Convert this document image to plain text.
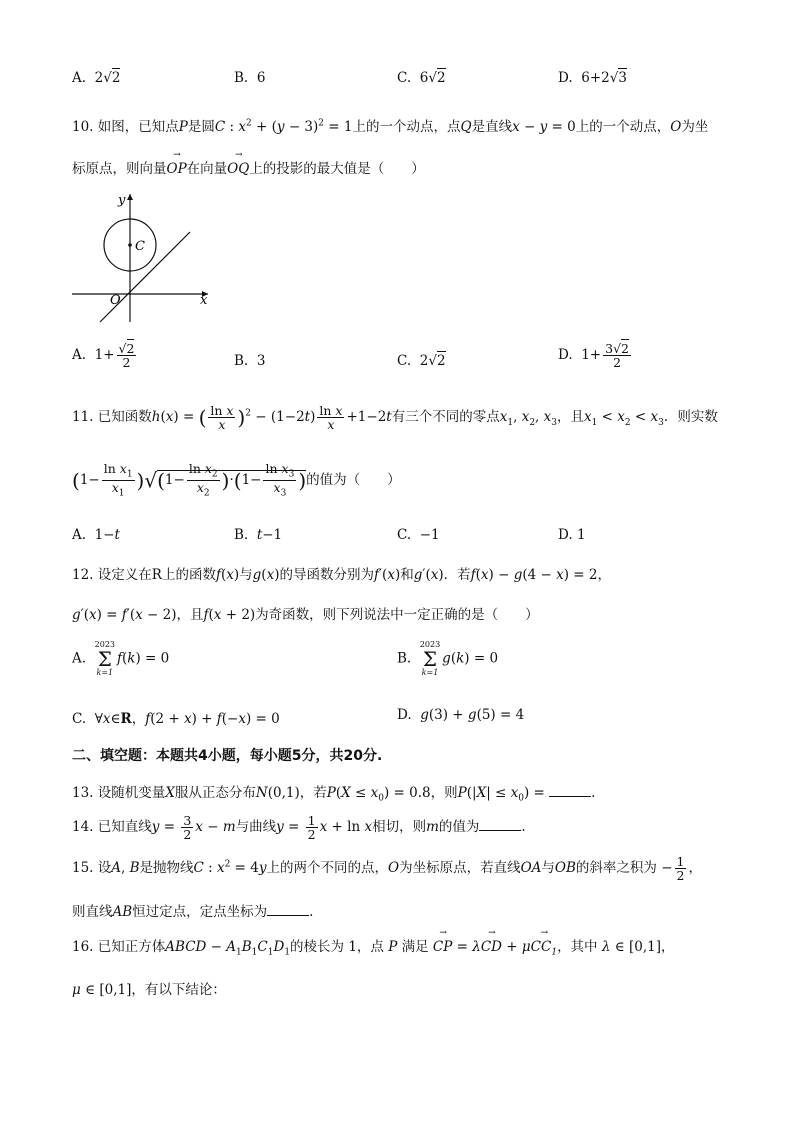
A. 2√2	B. 6	C. 6√2	D. 6+2√3
10. 如图，已知点P是圆C : $x^2 + (y - 3)^2 = 1$上的一个动点，点Q是直线x − y = 0上的一个动点，O为坐
标原点，则向量→ OP在向量→ OQ上的投影的最大值是（　　）
y
x
C
O
A.  $1+ \frac{√2}{2}$	B. 3	C. 2√2	D.  $1+ \frac{3√2}{2}$
11. 已知函数h(x) = ( $\frac{\text{ln x}}{x} )^2 - (1-2t) \frac{\text{ln x}}{x} +1-2t$有三个不同的零点$x_1$, $x_2$, $x_3$，且$x_1 < x_2 < x_3$．则实数
$(1- \frac{\ln x_1}{x_1} )√(1- \frac{\ln x_2}{x_2} )\cdot(1- \frac{\ln x_3}{x_3}$ )的值为（　　）
A.  1−t	B. t−1	C. −1	D. 1
12. 设定义在R上的函数f(x)与g(x)的导函数分别为f′(x)和g′(x)．若f(x) − g(4 − x) = 2，
g′(x) = f′(x − 2)，且f(x + 2)为奇函数，则下列说法中一定正确的是（　　）
A.
2023
Σ
k=1
f(k) = 0	B.
2023
Σ
k=1
g(k) = 0
C.  ∀x∈R，f(2 + x) + f(−x) = 0	D. g(3) + g(5) = 4
二、填空题：本题共4小题，每小题5分，共20分.
13. 设随机变量X服从正态分布N(0,1)，若$P(X \le x_0) = 0.8$，则$P(|X| \le x_0)$ =	.
14. 已知直线$y = \frac{3}{2}$ x − m与曲线$y = \frac{1}{2}$ x + ln x相切，则m的值为	.
15. 设A, B是抛物线C : $x^2 = 4y$上的两个不同的点，O为坐标原点，若直线OA与OB的斜率之积为 − $\frac{1}{2}$ ，
则直线AB恒过定点，定点坐标为	.
16. 已知正方体ABCD − $A_1B_1C_1D_1$的棱长为 1，点 P 满足 → CP = λ→ CD + $\mu\to CC_1$，其中 λ ∈ [0,1]，
μ ∈ [0,1]，有以下结论：
